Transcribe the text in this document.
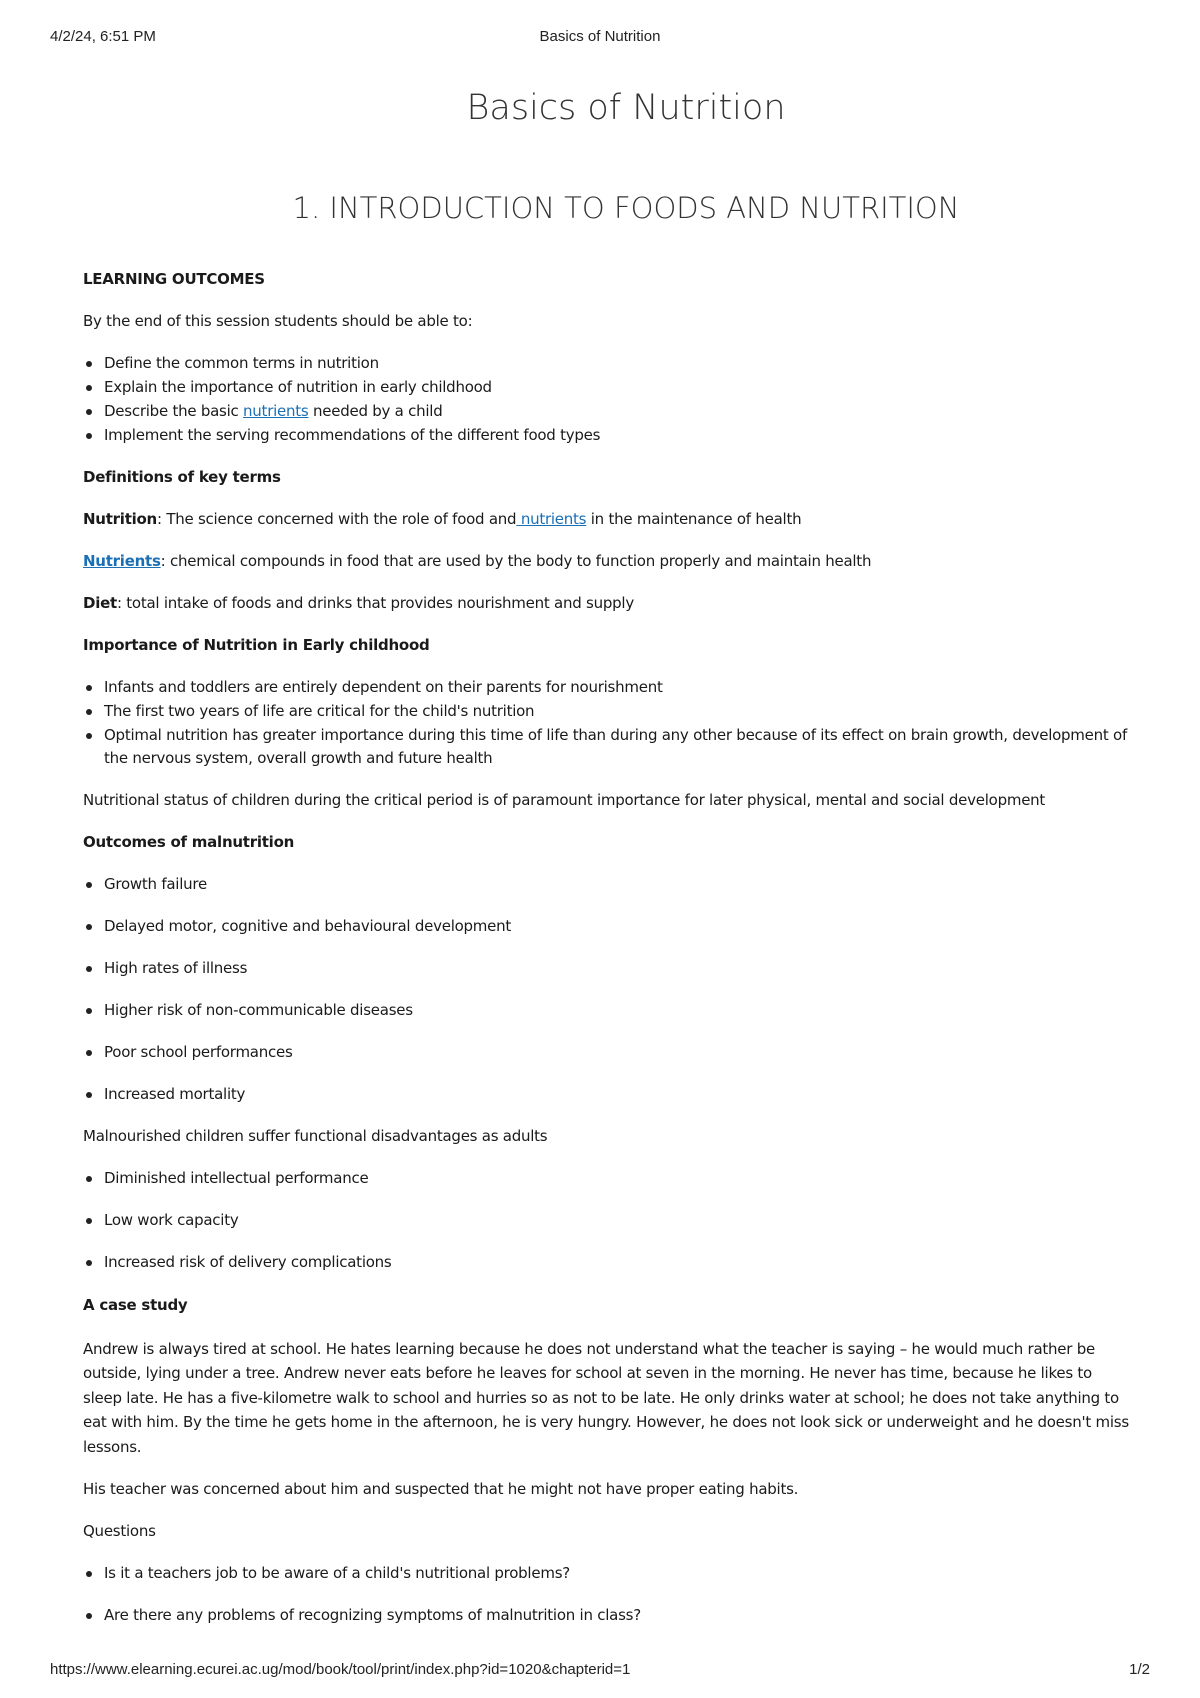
4/2/24, 6:51 PM	Basics of Nutrition
Basics of Nutrition
1. INTRODUCTION TO FOODS AND NUTRITION

LEARNING OUTCOMES

By the end of this session students should be able to:

Define the common terms in nutrition
Explain the importance of nutrition in early childhood
Describe the basic nutrients needed by a child
Implement the serving recommendations of the different food types

Definitions of key terms

Nutrition: The science concerned with the role of food and nutrients in the maintenance of health

Nutrients: chemical compounds in food that are used by the body to function properly and maintain health

Diet: total intake of foods and drinks that provides nourishment and supply

Importance of Nutrition in Early childhood

Infants and toddlers are entirely dependent on their parents for nourishment
The first two years of life are critical for the child's nutrition
Optimal nutrition has greater importance during this time of life than during any other because of its effect on brain growth, development of the nervous system, overall growth and future health

Nutritional status of children during the critical period is of paramount importance for later physical, mental and social development

Outcomes of malnutrition

Growth failure
Delayed motor, cognitive and behavioural development
High rates of illness
Higher risk of non-communicable diseases
Poor school performances
Increased mortality

Malnourished children suffer functional disadvantages as adults

Diminished intellectual performance
Low work capacity
Increased risk of delivery complications

A case study

Andrew is always tired at school. He hates learning because he does not understand what the teacher is saying – he would much rather be outside, lying under a tree. Andrew never eats before he leaves for school at seven in the morning. He never has time, because he likes to sleep late. He has a five-kilometre walk to school and hurries so as not to be late. He only drinks water at school; he does not take anything to eat with him. By the time he gets home in the afternoon, he is very hungry. However, he does not look sick or underweight and he doesn't miss lessons.

His teacher was concerned about him and suspected that he might not have proper eating habits.

Questions

Is it a teachers job to be aware of a child's nutritional problems?
Are there any problems of recognizing symptoms of malnutrition in class?
https://www.elearning.ecurei.ac.ug/mod/book/tool/print/index.php?id=1020&chapterid=1	1/2
